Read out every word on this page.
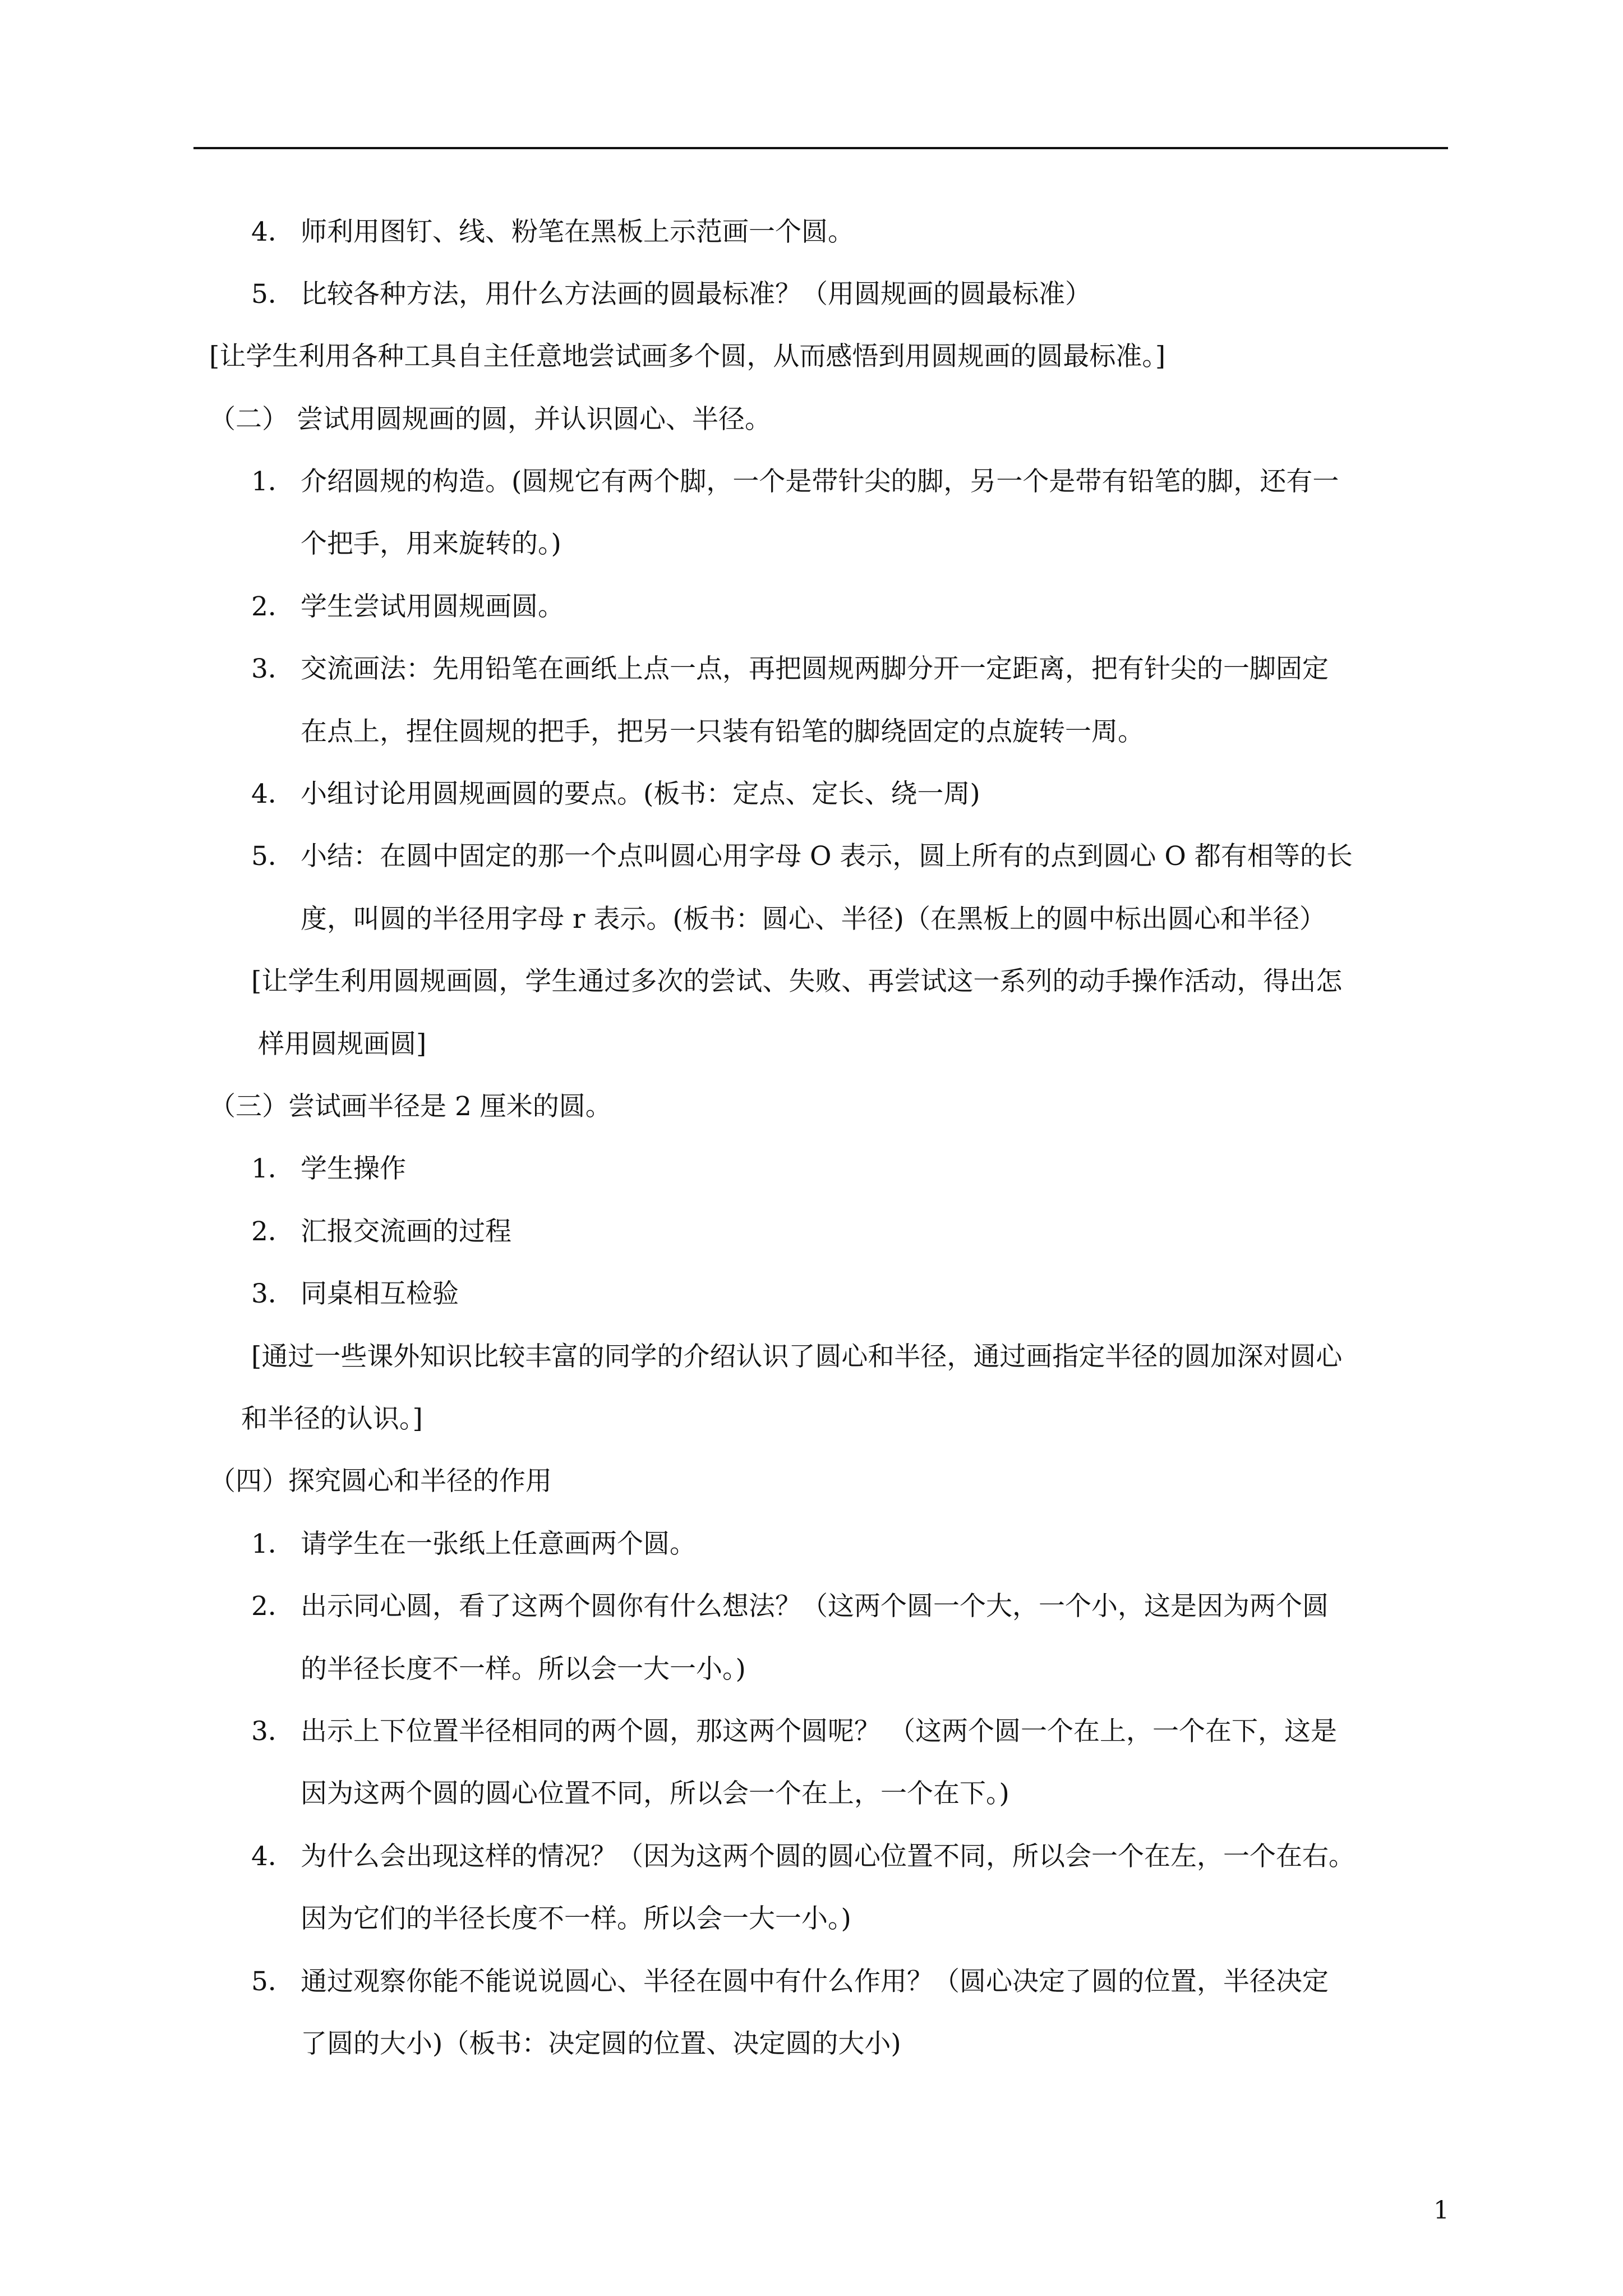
4． 师利用图钉、线、粉笔在黑板上示范画一个圆。
5． 比较各种方法，用什么方法画的圆最标准？（用圆规画的圆最标准）
[让学生利用各种工具自主任意地尝试画多个圆，从而感悟到用圆规画的圆最标准。]
（二） 尝试用圆规画的圆，并认识圆心、半径。
1． 介绍圆规的构造。(圆规它有两个脚，一个是带针尖的脚，另一个是带有铅笔的脚，还有一
个把手，用来旋转的。)
2． 学生尝试用圆规画圆。
3． 交流画法：先用铅笔在画纸上点一点，再把圆规两脚分开一定距离，把有针尖的一脚固定
在点上，捏住圆规的把手，把另一只装有铅笔的脚绕固定的点旋转一周。
4． 小组讨论用圆规画圆的要点。(板书：定点、定长、绕一周)
5． 小结：在圆中固定的那一个点叫圆心用字母 O 表示，圆上所有的点到圆心 O 都有相等的长
度，叫圆的半径用字母 r 表示。(板书：圆心、半径)（在黑板上的圆中标出圆心和半径）
[让学生利用圆规画圆，学生通过多次的尝试、失败、再尝试这一系列的动手操作活动，得出怎
样用圆规画圆]
（三）尝试画半径是 2 厘米的圆。
1． 学生操作
2． 汇报交流画的过程
3． 同桌相互检验
[通过一些课外知识比较丰富的同学的介绍认识了圆心和半径，通过画指定半径的圆加深对圆心
和半径的认识。]
（四）探究圆心和半径的作用
1． 请学生在一张纸上任意画两个圆。
2． 出示同心圆，看了这两个圆你有什么想法？（这两个圆一个大，一个小，这是因为两个圆
的半径长度不一样。所以会一大一小。)
3． 出示上下位置半径相同的两个圆，那这两个圆呢？ （这两个圆一个在上，一个在下，这是
因为这两个圆的圆心位置不同，所以会一个在上，一个在下。)
4． 为什么会出现这样的情况？（因为这两个圆的圆心位置不同，所以会一个在左，一个在右。
因为它们的半径长度不一样。所以会一大一小。)
5． 通过观察你能不能说说圆心、半径在圆中有什么作用？（圆心决定了圆的位置，半径决定
了圆的大小)（板书：决定圆的位置、决定圆的大小)
1
